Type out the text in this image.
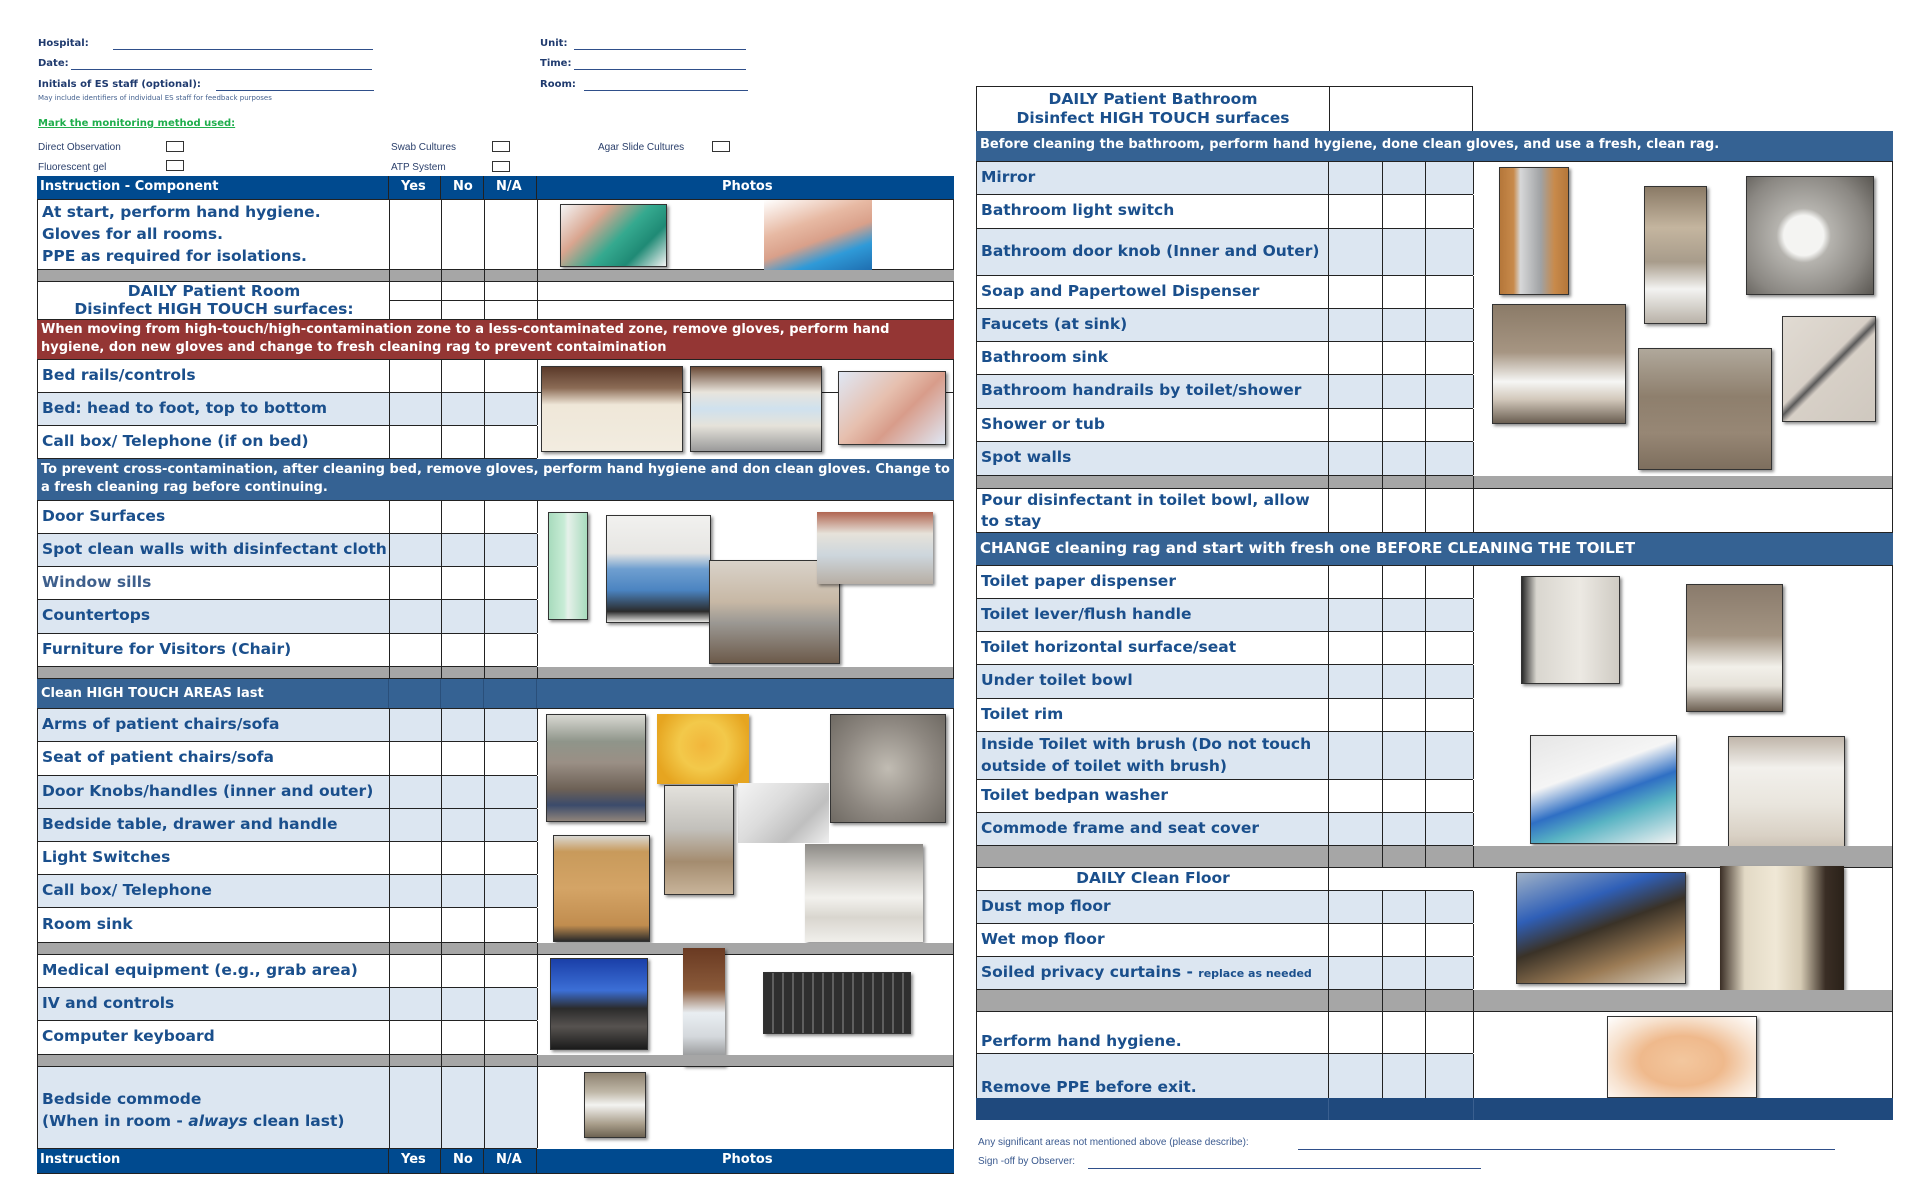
Hospital:
Date:
Initials of ES staff (optional):
May include identifiers of individual ES staff for feedback purposes
Unit:
Time:
Room:
Mark the monitoring method used:
Direct Observation
Fluorescent gel
Swab Cultures
ATP System
Agar Slide Cultures
Instruction - Component	Yes No N/A	Photos
At start, perform hand hygiene.
Gloves for all rooms.
PPE as required for isolations.
DAILY Patient Room
Disinfect HIGH TOUCH surfaces:
When moving from high-touch/high-contamination zone to a less-contaminated zone, remove gloves, perform hand hygiene, don new gloves and change to fresh cleaning rag to prevent contaimination
Bed rails/controls
Bed: head to foot, top to bottom
Call box/ Telephone (if on bed)
To prevent cross-contamination, after cleaning bed, remove gloves, perform hand hygiene and don clean gloves. Change to a fresh cleaning rag before continuing.
Door Surfaces
Spot clean walls with disinfectant cloth
Window sills
Countertops
Furniture for Visitors (Chair)
Clean HIGH TOUCH AREAS last
Arms of patient chairs/sofa
Seat of patient chairs/sofa
Door Knobs/handles (inner and outer)
Bedside table, drawer and handle
Light Switches
Call box/ Telephone
Room sink
Medical equipment (e.g., grab area)
IV and controls
Computer keyboard
Bedside commode
(When in room - always clean last)
Instruction	Yes No N/A	Photos
DAILY Patient Bathroom
Disinfect HIGH TOUCH surfaces
Before cleaning the bathroom, perform hand hygiene, done clean gloves, and use a fresh, clean rag.
Mirror
Bathroom light switch
Bathroom door knob (Inner and Outer)
Soap and Papertowel Dispenser
Faucets (at sink)
Bathroom sink
Bathroom handrails by toilet/shower
Shower or tub
Spot walls
Pour disinfectant in toilet bowl, allow
to stay
CHANGE cleaning rag and start with fresh one BEFORE CLEANING THE TOILET
Toilet paper dispenser
Toilet lever/flush handle
Toilet horizontal surface/seat
Under toilet bowl
Toilet rim
Inside Toilet with brush (Do not touch
outside of toilet with brush)
Toilet bedpan washer
Commode frame and seat cover
DAILY Clean Floor
Dust mop floor
Wet mop floor
Soiled privacy curtains - replace as needed
Perform hand hygiene.
Remove PPE before exit.
Any significant areas not mentioned above (please describe):
Sign -off by Observer:
